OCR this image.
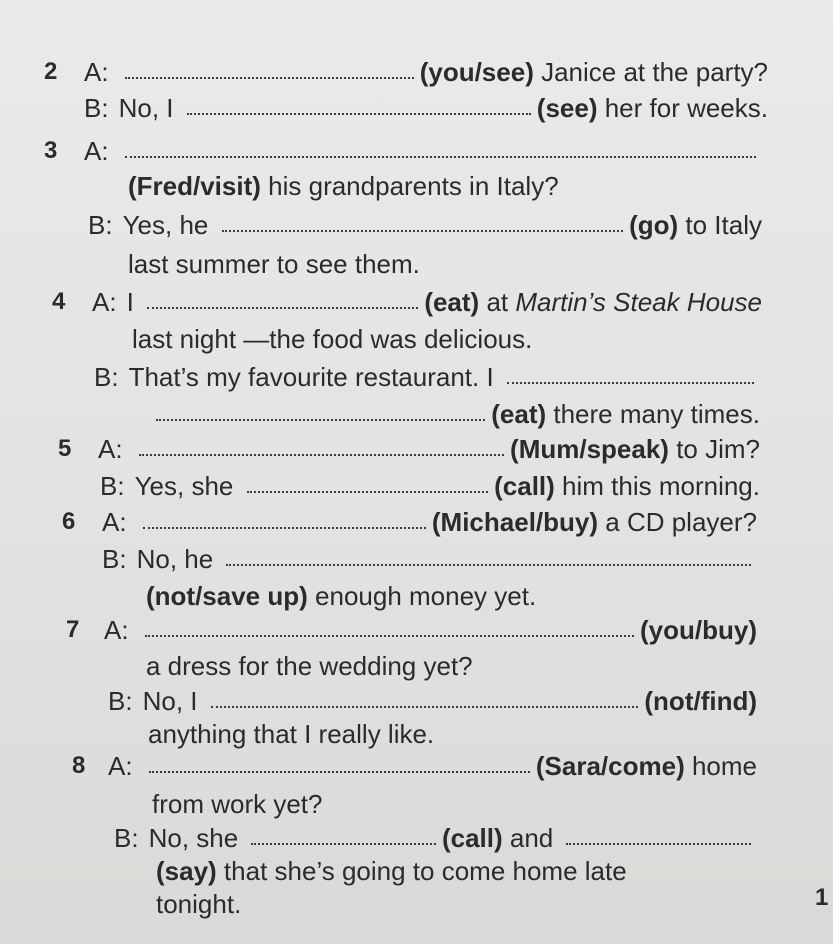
2 A:	(you/see) Janice at the party?
B: No, I	(see) her for weeks.
3 A:
(Fred/visit) his grandparents in Italy?
B: Yes, he	(go) to Italy
last summer to see them.
4 A: I	(eat) at Martin’s Steak House
last night —the food was delicious.
B: That’s my favourite restaurant. I
(eat) there many times.
5 A:	(Mum/speak) to Jim?
B: Yes, she	(call) him this morning.
6 A:	(Michael/buy) a CD player?
B: No, he
(not/save up) enough money yet.
7 A:	(you/buy)
a dress for the wedding yet?
B: No, I	(not/find)
anything that I really like.
8 A:	(Sara/come) home
from work yet?
B: No, she	(call) and
(say) that she’s going to come home late
tonight.	1
